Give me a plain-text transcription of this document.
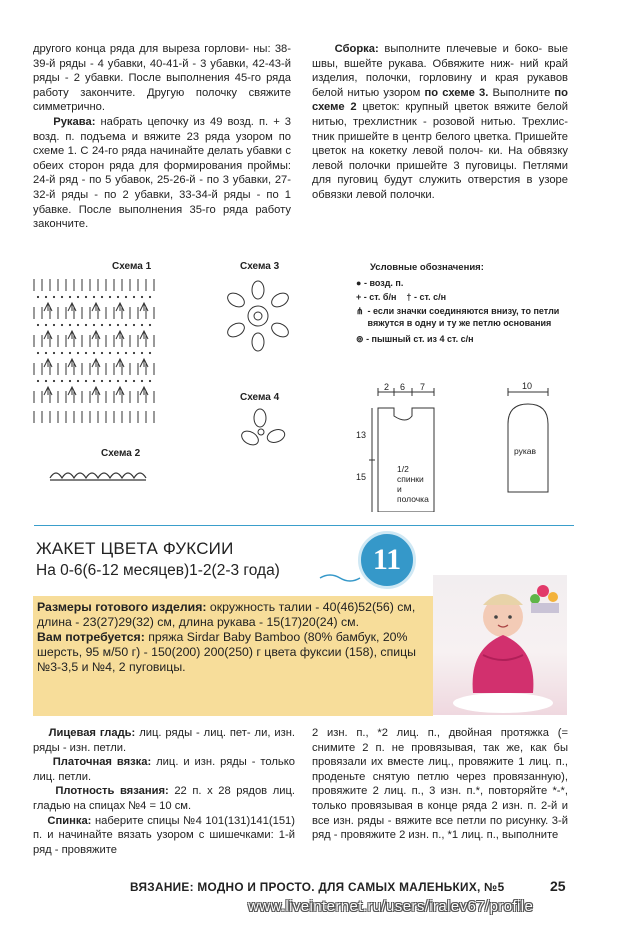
другого конца ряда для выреза горлови- ны: 38-39-й ряды - 4 убавки, 40-41-й - 3 убавки, 42-43-й ряды - 2 убавки. После выполнения 45-го ряда работу закончите. Другую полочку свяжите симметрично.

Рукава: набрать цепочку из 49 возд. п. + 3 возд. п. подъема и вяжите 23 ряда узором по схеме 1. С 24-го ряда начинайте делать убавки с обеих сторон ряда для формирования проймы: 24-й ряд - по 5 убавок, 25-26-й - по 3 убавки, 27-32-й ряды - по 2 убавки, 33-34-й ряды - по 1 убавке. После выполнения 35-го ряда работу закончите.

Сборка: выполните плечевые и боко- вые швы, вшейте рукава. Обвяжите ниж- ний край изделия, полочки, горловину и края рукавов белой нитью узором по схеме 3. Выполните по схеме 2 цветок: крупный цветок вяжите белой нитью, трехлистник - розовой нитью. Трехлис- тник пришейте в центр белого цветка. Пришейте цветок на кокетку левой полоч- ки. На обвязку левой полочки пришейте 3 пуговицы. Петлями для пуговиц будут служить отверстия в узоре обвязки левой полочки.

Схема 1
Схема 2
Схема 3
Схема 4
Условные обозначения:
● - возд. п.
+ - ст. б/н † - ст. с/н
⋔ - если значки соединяются внизу, то петли вяжутся в одну и ту же петлю основания
⊚ - пышный ст. из 4 ст. с/н
2 6 7
13
15
1/2
спинки
и
полочка
10
рукав
ЖАКЕТ ЦВЕТА ФУКСИИ
На 0-6(6-12 месяцев)1-2(2-3 года)	11

Размеры готового изделия: окружность талии - 40(46)52(56) см, длина - 23(27)29(32) см, длина рукава - 15(17)20(24) см.

Вам потребуется: пряжа Sirdar Baby Bamboo (80% бамбук, 20% шерсть, 95 м/50 г) - 150(200) 200(250) г цвета фуксии (158), спицы №3-3,5 и №4, 2 пуговицы.

Лицевая гладь: лиц. ряды - лиц. пет- ли, изн. ряды - изн. петли.

Платочная вязка: лиц. и изн. ряды - только лиц. петли.

Плотность вязания: 22 п. х 28 рядов лиц. гладью на спицах №4 = 10 см.

Спинка: наберите спицы №4 101(131)141(151) п. и начинайте вязать узором с шишечками: 1-й ряд - провяжите

2 изн. п., *2 лиц. п., двойная протяжка (= снимите 2 п. не провязывая, так же, как бы провязали их вместе лиц., провяжите 1 лиц. п., проденьте снятую петлю через провязанную), провяжите 2 лиц. п., 3 изн. п.*, повторяйте *-*, только провязывая в конце ряда 2 изн. п. 2-й и все изн. ряды - вяжите все петли по рисунку. 3-й ряд - провяжите 2 изн. п., *1 лиц. п., выполните

ВЯЗАНИЕ: МОДНО И ПРОСТО. ДЛЯ САМЫХ МАЛЕНЬКИХ, №5	25
www.liveinternet.ru/users/iralev67/profile
